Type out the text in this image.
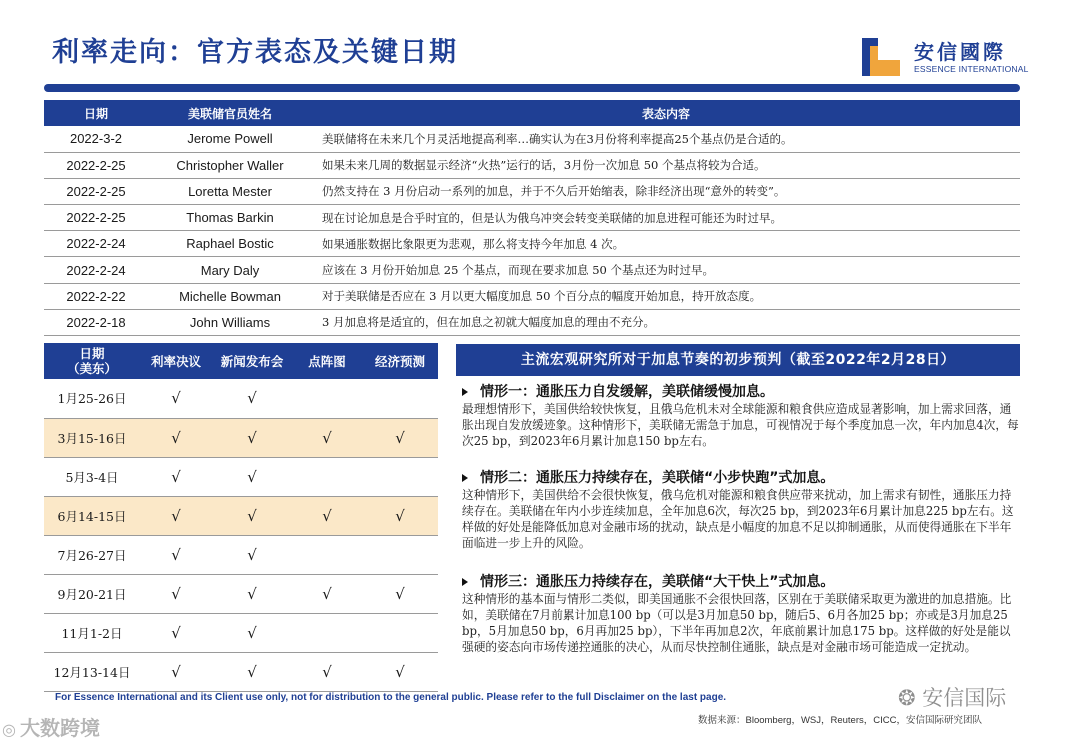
利率走向：官方表态及关键日期	安信國際
ESSENCE INTERNATIONAL
日期	美联储官员姓名	表态内容
2022-3-2	Jerome Powell	美联储将在未来几个月灵活地提高利率…确实认为在3月份将利率提高25个基点仍是合适的。
2022-2-25	Christopher Waller	如果未来几周的数据显示经济“火热”运行的话，3月份一次加息 50 个基点将较为合适。
2022-2-25	Loretta Mester	仍然支持在 3 月份启动一系列的加息，并于不久后开始缩表，除非经济出现“意外的转变”。
2022-2-25	Thomas Barkin	现在讨论加息是合乎时宜的，但是认为俄乌冲突会转变美联储的加息进程可能还为时过早。
2022-2-24	Raphael Bostic	如果通胀数据比象限更为悲观，那么将支持今年加息 4 次。
2022-2-24	Mary Daly	应该在 3 月份开始加息 25 个基点，而现在要求加息 50 个基点还为时过早。
2022-2-22	Michelle Bowman	对于美联储是否应在 3 月以更大幅度加息 50 个百分点的幅度开始加息，持开放态度。
2022-2-18	John Williams	3 月加息将是适宜的，但在加息之初就大幅度加息的理由不充分。
日期
（美东）	利率决议	新闻发布会	点阵图	经济预测
1月25-26日	√	√		
3月15-16日	√	√	√	√
5月3-4日	√	√		
6月14-15日	√	√	√	√
7月26-27日	√	√		
9月20-21日	√	√	√	√
11月1-2日	√	√		
12月13-14日	√	√	√	√
主流宏观研究所对于加息节奏的初步预判（截至2022年2月28日）
情形一：通胀压力自发缓解，美联储缓慢加息。
最理想情形下，美国供给较快恢复，且俄乌危机未对全球能源和粮食供应造成显著影响，加上需求回落，通胀出现自发放缓迹象。这种情形下，美联储无需急于加息，可视情况于每个季度加息一次，年内加息4次，每次25 bp，到2023年6月累计加息150 bp左右。
情形二：通胀压力持续存在，美联储“小步快跑”式加息。
这种情形下，美国供给不会很快恢复，俄乌危机对能源和粮食供应带来扰动，加上需求有韧性，通胀压力持续存在。美联储在年内小步连续加息，全年加息6次，每次25 bp，到2023年6月累计加息225 bp左右。这样做的好处是能降低加息对金融市场的扰动，缺点是小幅度的加息不足以抑制通胀，从而使得通胀在下半年面临进一步上升的风险。
情形三：通胀压力持续存在，美联储“大干快上”式加息。
这种情形的基本面与情形二类似，即美国通胀不会很快回落，区别在于美联储采取更为激进的加息措施。比如，美联储在7月前累计加息100 bp（可以是3月加息50 bp，随后5、6月各加25 bp；亦或是3月加息25 bp，5月加息50 bp，6月再加25 bp），下半年再加息2次，年底前累计加息175 bp。这样做的好处是能以强硬的姿态向市场传递控通胀的决心，从而尽快控制住通胀，缺点是对金融市场可能造成一定扰动。
For Essence International and its Client use only, not for distribution to the general public. Please refer to the full Disclaimer on the last page.
数据来源：Bloomberg，WSJ，Reuters，CICC，安信国际研究团队
❂ 安信国际
◎ 大数跨境
